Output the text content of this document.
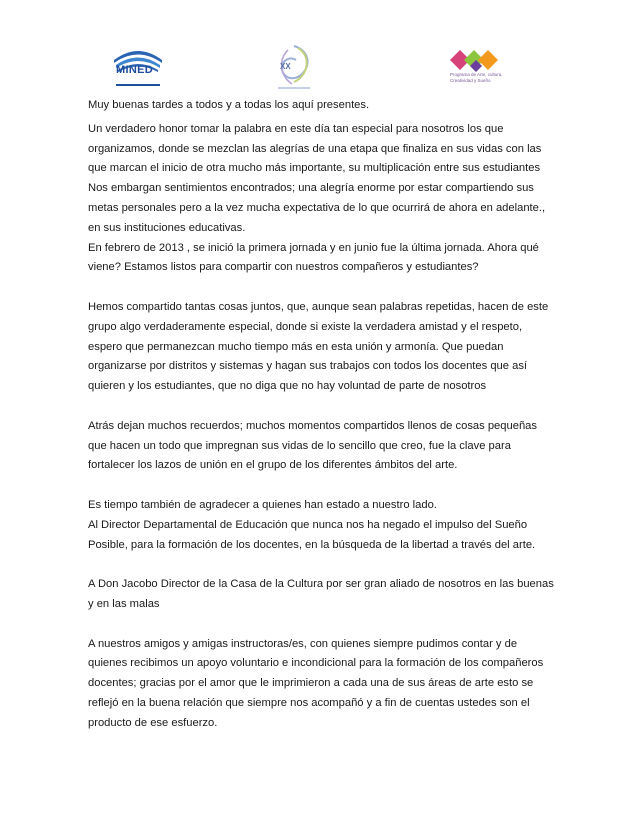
MINED	XX
Programa de Arte, cultura, Creatividad y Sueño

Muy buenas tardes a todos y a todas los aquí presentes.

Un verdadero honor tomar la palabra en este día tan especial para nosotros los que organizamos, donde se mezclan las alegrías de una etapa que finaliza en sus vidas con las que marcan el inicio de otra mucho más importante, su multiplicación entre sus estudiantes

Nos embargan sentimientos encontrados; una alegría enorme por estar compartiendo sus metas personales pero a la vez mucha expectativa de lo que ocurrirá de ahora en adelante., en sus instituciones educativas.

En febrero de 2013 , se inició la primera jornada y en junio fue la última jornada. Ahora qué viene? Estamos listos para compartir con nuestros compañeros y estudiantes?

Hemos compartido tantas cosas juntos, que, aunque sean palabras repetidas, hacen de este grupo algo verdaderamente especial, donde si existe la verdadera amistad y el respeto, espero que permanezcan mucho tiempo más en esta unión y armonía. Que puedan organizarse por distritos y sistemas y hagan sus trabajos con todos los docentes que así quieren y los estudiantes, que no diga que no hay voluntad de parte de nosotros

Atrás dejan muchos recuerdos; muchos momentos compartidos llenos de cosas pequeñas que hacen un todo que impregnan sus vidas de lo sencillo que creo, fue la clave para fortalecer los lazos de unión en el grupo de los diferentes ámbitos del arte.

Es tiempo también de agradecer a quienes han estado a nuestro lado.

Al Director Departamental de Educación que nunca nos ha negado el impulso del Sueño Posible, para la formación de los docentes, en la búsqueda de la libertad a través del arte.

A Don Jacobo Director de la Casa de la Cultura por ser gran aliado de nosotros en las buenas y en las malas

A nuestros amigos y amigas instructoras/es, con quienes siempre pudimos contar y de quienes recibimos un apoyo voluntario e incondicional para la formación de los compañeros docentes; gracias por el amor que le imprimieron a cada una de sus áreas de arte esto se reflejó en la buena relación que siempre nos acompañó y a fin de cuentas ustedes son el producto de ese esfuerzo.
